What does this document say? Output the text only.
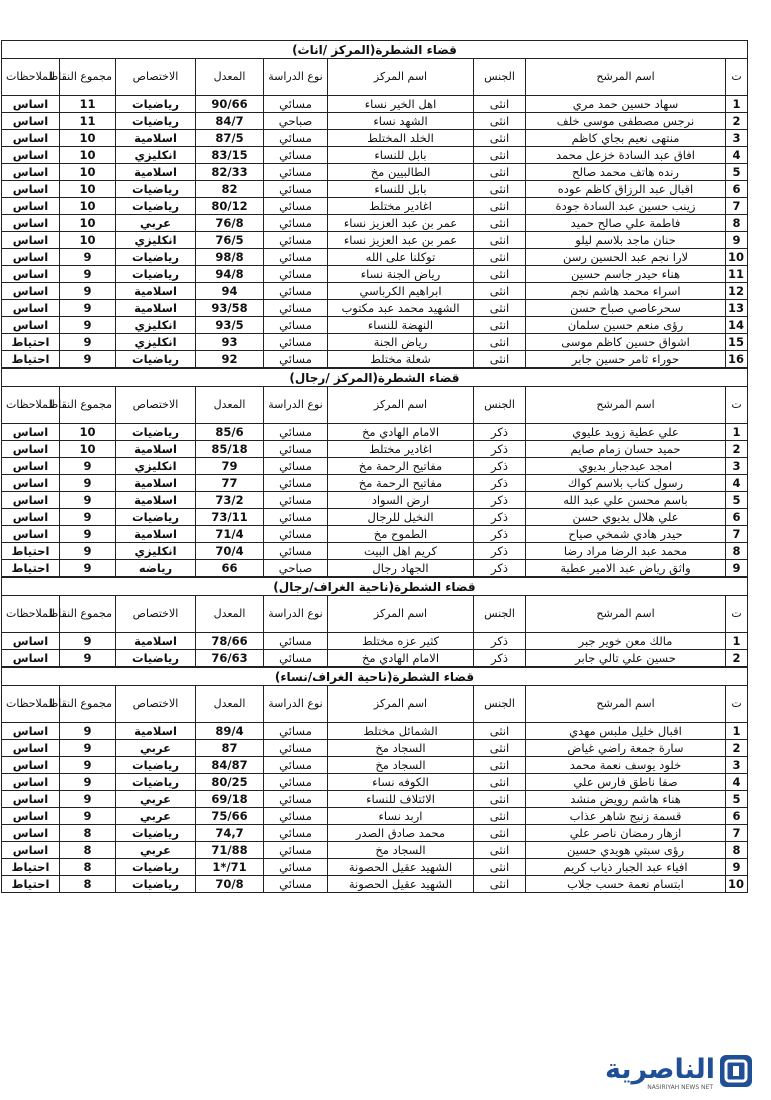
قضاء الشطرة(المركز /اناث)								
ت	اسم المرشح	الجنس	اسم المركز	نوع الدراسة	المعدل	الاختصاص	مجموع النقاط	الملاحظات
1	سهاد حسين حمد مري	انثى	اهل الخير نساء	مسائي	90/66	رياضيات	11	اساس
2	نرجس مصطفى موسى خلف	انثى	الشهد نساء	صباحي	84/7	رياضيات	11	اساس
3	منتهى نعيم بجاي كاظم	انثى	الخلد المختلط	مسائي	87/5	اسلامية	10	اساس
4	افاق عبد السادة خزعل محمد	انثى	بابل للنساء	مسائي	83/15	انكليزي	10	اساس
5	رنده هاتف محمد صالح	انثى	الطالبيين مخ	مسائي	82/33	اسلامية	10	اساس
6	اقبال عبد الرزاق كاظم عوده	انثى	بابل للنساء	مسائي	82	رياضيات	10	اساس
7	زينب حسين عبد السادة جودة	انثى	اغادير مختلط	مسائي	80/12	رياضيات	10	اساس
8	فاطمة علي صالح حميد	انثى	عمر بن عبد العزيز نساء	مسائي	76/8	عربي	10	اساس
9	حنان ماجد بلاسم ليلو	انثى	عمر بن عبد العزيز نساء	مسائي	76/5	انكليزي	10	اساس
10	لارا نجم عبد الحسين رسن	انثى	توكلنا على الله	مسائي	98/8	رياضيات	9	اساس
11	هناء حيدر جاسم حسين	انثى	رياض الجنة نساء	مسائي	94/8	رياضيات	9	اساس
12	اسراء محمد هاشم نجم	انثى	ابراهيم الكرباسي	مسائي	94	اسلامية	9	اساس
13	سحرعاصي صباح حسن	انثى	الشهيد محمد عبد مكتوب	مسائي	93/58	اسلامية	9	اساس
14	رؤى منعم حسين سلمان	انثى	النهضة للنساء	مسائي	93/5	انكليزي	9	اساس
15	اشواق حسين كاظم موسى	انثى	رياض الجنة	مسائي	93	انكليزي	9	احتياط
16	حوراء ثامر حسين جابر	انثى	شعلة مختلط	مسائي	92	رياضيات	9	احتياط
قضاء الشطرة(المركز /رجال)								
ت	اسم المرشح	الجنس	اسم المركز	نوع الدراسة	المعدل	الاختصاص	مجموع النقاط	الملاحظات
1	علي عطية زويد عليوي	ذكر	الامام الهادي مخ	مسائي	85/6	رياضيات	10	اساس
2	حميد حسان زمام صايم	ذكر	اغادير مختلط	مسائي	85/18	اسلامية	10	اساس
3	امجد عبدجبار بديوي	ذكر	مفاتيح الرحمة مخ	مسائي	79	انكليزي	9	اساس
4	رسول كتاب بلاسم كواك	ذكر	مفاتيح الرحمة مخ	مسائي	77	اسلامية	9	اساس
5	باسم محسن علي عبد الله	ذكر	ارض السواد	مسائي	73/2	اسلامية	9	اساس
6	علي هلال بديوي حسن	ذكر	النخيل للرجال	مسائي	73/11	رياضيات	9	اساس
7	حيدر هادي شمخي صياح	ذكر	الطموح مخ	مسائي	71/4	اسلامية	9	اساس
8	محمد عبد الرضا مراد رضا	ذكر	كريم اهل البيت	مسائي	70/4	انكليزي	9	احتياط
9	واثق رياض عبد الامير عطية	ذكر	الجهاد رجال	صباحي	66	رياضه	9	احتياط
قضاء الشطرة(ناحية الغراف/رجال)								
ت	اسم المرشح	الجنس	اسم المركز	نوع الدراسة	المعدل	الاختصاص	مجموع النقاط	الملاحظات
1	مالك معن خوير جبر	ذكر	كثير عزه مختلط	مسائي	78/66	اسلامية	9	اساس
2	حسين علي تالي جابر	ذكر	الامام الهادي مخ	مسائي	76/63	رياضيات	9	اساس
قضاء الشطرة(ناحية الغراف/نساء)								
ت	اسم المرشح	الجنس	اسم المركز	نوع الدراسة	المعدل	الاختصاص	مجموع النقاط	الملاحظات
1	اقبال خليل ملبس مهدي	انثى	الشمائل مختلط	مسائي	89/4	اسلامية	9	اساس
2	سارة جمعة راضي غياض	انثى	السجاد مخ	مسائي	87	عربي	9	اساس
3	خلود يوسف نعمة محمد	انثى	السجاد مخ	مسائي	84/87	رياضيات	9	اساس
4	صفا ناطق فارس علي	انثى	الكوفه نساء	مسائي	80/25	رياضيات	9	اساس
5	هناء هاشم رويض منشد	انثى	الائتلاف للنساء	مسائي	69/18	عربي	9	اساس
6	قسمة زنيج شاهر عذاب	انثى	اربد نساء	مسائي	75/66	عربي	9	اساس
7	ازهار رمضان ناصر علي	انثى	محمد صادق الصدر	مسائي	74,7	رياضيات	8	اساس
8	رؤى سبتي هويدي حسين	انثى	السجاد مخ	مسائي	71/88	عربي	8	اساس
9	افياء عبد الجبار ذياب كريم	انثى	الشهيد عقيل الحصونة	مسائي	71/*1	رياضيات	8	احتياط
10	ابتسام نعمة حسب جلاب	انثى	الشهيد عقيل الحصونة	مسائي	70/8	رياضيات	8	احتياط
الناصرية
NASIRIYAH NEWS NET
